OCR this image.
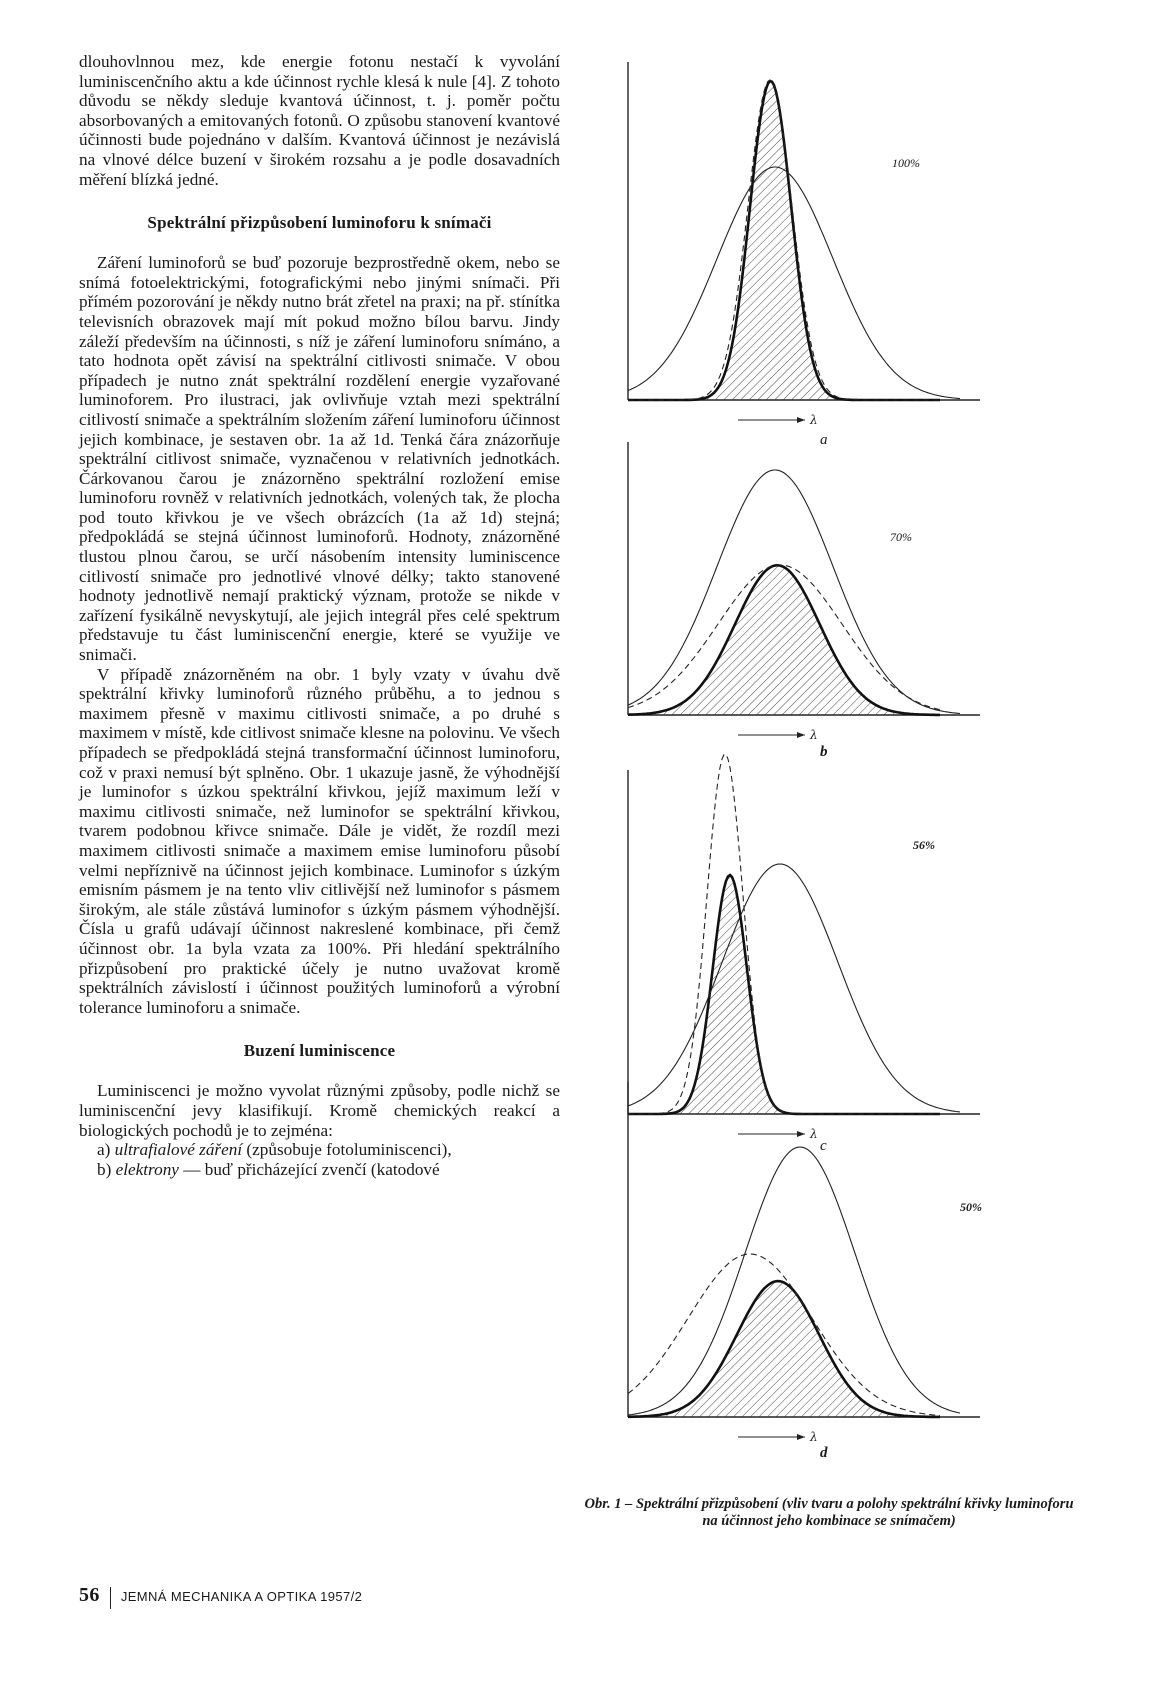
dlouhovlnnou mez, kde energie fotonu nestačí k vyvolání luminiscenčního aktu a kde účinnost rychle klesá k nule [4]. Z tohoto důvodu se někdy sleduje kvantová účinnost, t. j. poměr počtu absorbovaných a emitovaných fotonů. O způsobu stanovení kvantové účinnosti bude pojednáno v dalším. Kvantová účinnost je nezávislá na vlnové délce buzení v širokém rozsahu a je podle dosavadních měření blízká jedné.

Spektrální přizpůsobení luminoforu k snímači

Záření luminoforů se buď pozoruje bezprostředně okem, nebo se snímá fotoelektrickými, fotografickými nebo jinými snímači. Při přímém pozorování je někdy nutno brát zřetel na praxi; na př. stínítka televisních obrazovek mají mít pokud možno bílou barvu. Jindy záleží především na účinnosti, s níž je záření luminoforu snímáno, a tato hodnota opět závisí na spektrální citlivosti snimače. V obou případech je nutno znát spektrální rozdělení energie vyzařované luminoforem. Pro ilustraci, jak ovlivňuje vztah mezi spektrální citlivostí snimače a spektrálním složením záření luminoforu účinnost jejich kombinace, je sestaven obr. 1a až 1d. Tenká čára znázorňuje spektrální citlivost snimače, vyznačenou v relativních jednotkách. Čárkovanou čarou je znázorněno spektrální rozložení emise luminoforu rovněž v relativních jednotkách, volených tak, že plocha pod touto křivkou je ve všech obrázcích (1a až 1d) stejná; předpokládá se stejná účinnost luminoforů. Hodnoty, znázorněné tlustou plnou čarou, se určí násobením intensity luminiscence citlivostí snimače pro jednotlivé vlnové délky; takto stanovené hodnoty jednotlivě nemají praktický význam, protože se nikde v zařízení fysikálně nevyskytují, ale jejich integrál přes celé spektrum představuje tu část luminiscenční energie, které se využije ve snimači.

V případě znázorněném na obr. 1 byly vzaty v úvahu dvě spektrální křivky luminoforů různého průběhu, a to jednou s maximem přesně v maximu citlivosti snimače, a po druhé s maximem v místě, kde citlivost snimače klesne na polovinu. Ve všech případech se předpokládá stejná transformační účinnost luminoforu, což v praxi nemusí být splněno. Obr. 1 ukazuje jasně, že výhodnější je luminofor s úzkou spektrální křivkou, jejíž maximum leží v maximu citlivosti snimače, než luminofor se spektrální křivkou, tvarem podobnou křivce snimače. Dále je vidět, že rozdíl mezi maximem citlivosti snimače a maximem emise luminoforu působí velmi nepříznivě na účinnost jejich kombinace. Luminofor s úzkým emisním pásmem je na tento vliv citlivější než luminofor s pásmem širokým, ale stále zůstává luminofor s úzkým pásmem výhodnější. Čísla u grafů udávají účinnost nakreslené kombinace, při čemž účinnost obr. 1a byla vzata za 100%. Při hledání spektrálního přizpůsobení pro praktické účely je nutno uvažovat kromě spektrálních závislostí i účinnost použitých luminoforů a výrobní tolerance luminoforu a snimače.

Buzení luminiscence

Luminiscenci je možno vyvolat různými způsoby, podle nichž se luminiscenční jevy klasifikují. Kromě chemických reakcí a biologických pochodů je to zejména:

a) ultrafialové záření (způsobuje fotoluminiscenci),
b) elektrony — buď přicházející zvenčí (katodové
λ
λ
λ
λ
100%
a
70%
b
56%
c
50%
d
Obr. 1 – Spektrální přizpůsobení (vliv tvaru a polohy spektrální křivky luminoforu na účinnost jeho kombinace se snímačem)
56 JEMNÁ MECHANIKA A OPTIKA 1957/2
